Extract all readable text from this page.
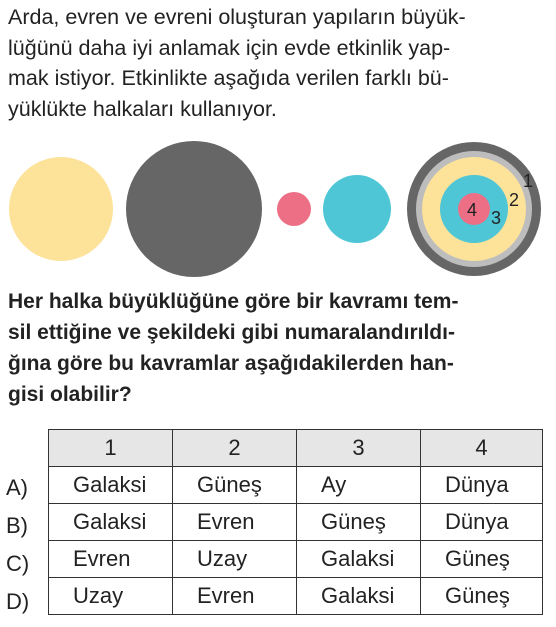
Arda, evren ve evreni oluşturan yapıların büyük-
lüğünü daha iyi anlamak için evde etkinlik yap-
mak istiyor. Etkinlikte aşağıda verilen farklı bü-
yüklükte halkaları kullanıyor.
1
2
3
4
Her halka büyüklüğüne göre bir kavramı tem-
sil ettiğine ve şekildeki gibi numaralandırıldı-
ğına göre bu kavramlar aşağıdakilerden han-
gisi olabilir?
A)
B)
C)
D)
1	2	3	4
Galaksi	Güneş	Ay	Dünya
Galaksi	Evren	Güneş	Dünya
Evren	Uzay	Galaksi	Güneş
Uzay	Evren	Galaksi	Güneş
